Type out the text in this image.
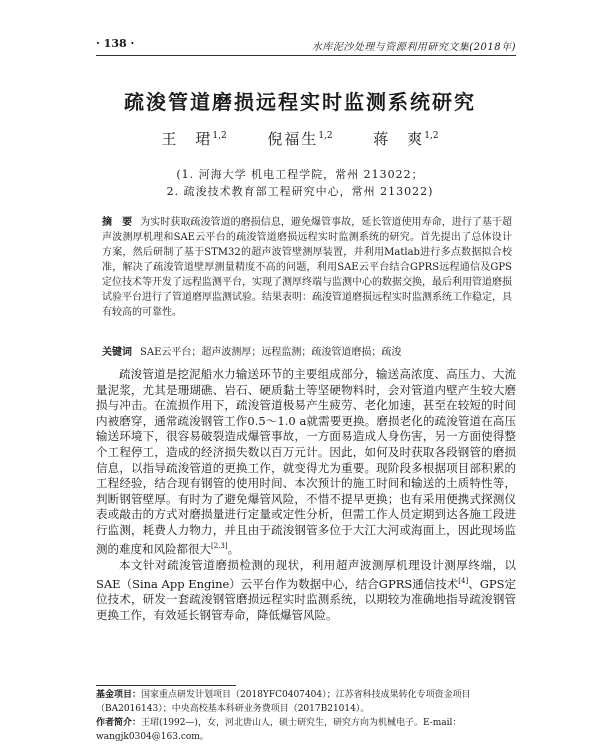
· 138 ·	水库泥沙处理与资源利用研究文集(2018年)
疏浚管道磨损远程实时监测系统研究
王　珺$^{1,2}$	倪福生$^{1,2}$	蒋　爽$^{1,2}$
(1. 河海大学 机电工程学院，常州 213022；
2. 疏浚技术教育部工程研究中心，常州 213022)
摘　要 为实时获取疏浚管道的磨损信息，避免爆管事故，延长管道使用寿命，进行了基于超声波测厚机理和SAE云平台的疏浚管道磨损远程实时监测系统的研究。首先提出了总体设计方案，然后研制了基于STM32的超声波管壁测厚装置，并利用Matlab进行多点数据拟合校准，解决了疏浚管道壁厚测量精度不高的问题，利用SAE云平台结合GPRS远程通信及GPS定位技术等开发了远程监测平台，实现了测厚终端与监测中心的数据交换，最后利用管道磨损试验平台进行了管道磨厚监测试验。结果表明：疏浚管道磨损远程实时监测系统工作稳定，具有较高的可靠性。
关键词 SAE云平台；超声波测厚；远程监测；疏浚管道磨损；疏浚

疏浚管道是挖泥船水力输送环节的主要组成部分，输送高浓度、高压力、大流量泥浆，尤其是珊瑚礁、岩石、硬质黏土等坚硬物料时，会对管道内壁产生较大磨损与冲击。在流损作用下，疏浚管道极易产生疲劳、老化加速，甚至在较短的时间内被磨穿，通常疏浚钢管工作0.5～1.0 a就需要更换。磨损老化的疏浚管道在高压输送环境下，很容易破裂造成爆管事故，一方面易造成人身伤害，另一方面使得整个工程停工，造成的经济损失数以百万元计。因此，如何及时获取各段钢管的磨损信息，以指导疏浚管道的更换工作，就变得尤为重要。现阶段多根据项目部积累的工程经验，结合现有钢管的使用时间、本次预计的施工时间和输送的土质特性等，判断钢管壁厚。有时为了避免爆管风险，不惜不提早更换；也有采用便携式探测仪表或敲击的方式对磨损量进行定量或定性分析，但需工作人员定期到达各施工段进行监测，耗费人力物力，并且由于疏浚钢管多位于大江大河或海面上，因此现场监测的难度和风险都很大[2,3]。

本文针对疏浚管道磨损检测的现状，利用超声波测厚机理设计测厚终端，以SAE（Sina App Engine）云平台作为数据中心，结合GPRS通信技术[4]、GPS定位技术，研发一套疏浚钢管磨损远程实时监测系统，以期较为准确地指导疏浚钢管更换工作，有效延长钢管寿命，降低爆管风险。

基金项目：国家重点研发计划项目（2018YFC0407404）；江苏省科技成果转化专项资金项目（BA2016143）；中央高校基本科研业务费项目（2017B21014）。

作者简介：王珺(1992—)，女，河北唐山人，硕士研究生，研究方向为机械电子。E-mail：wangjk0304@163.com。
